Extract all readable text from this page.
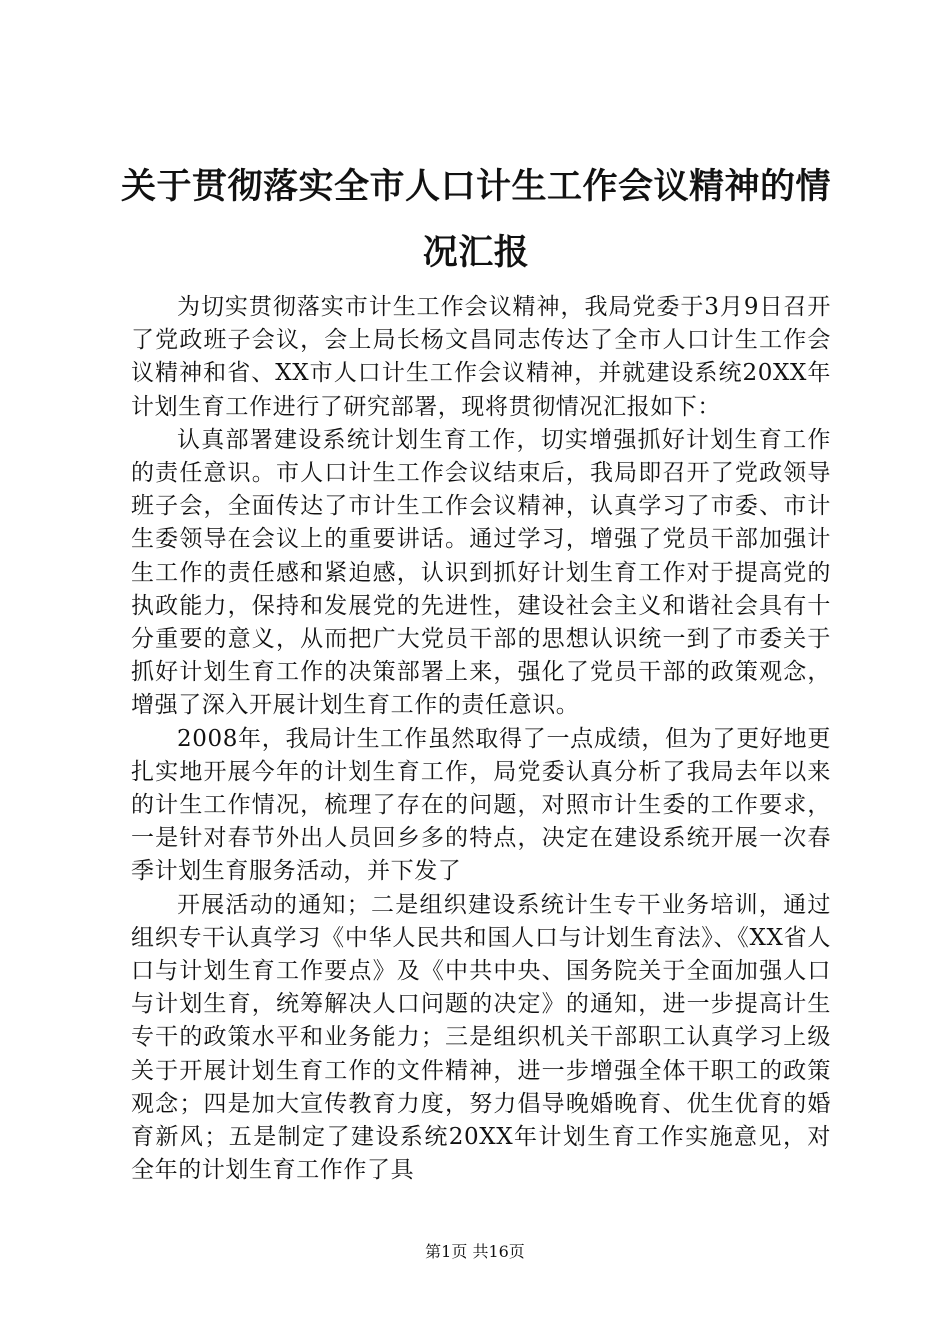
关于贯彻落实全市人口计生工作会议精神的情况汇报

为切实贯彻落实市计生工作会议精神，我局党委于3月9日召开了党政班子会议，会上局长杨文昌同志传达了全市人口计生工作会议精神和省、XX市人口计生工作会议精神，并就建设系统20XX年计划生育工作进行了研究部署，现将贯彻情况汇报如下：

认真部署建设系统计划生育工作，切实增强抓好计划生育工作的责任意识。市人口计生工作会议结束后，我局即召开了党政领导班子会，全面传达了市计生工作会议精神，认真学习了市委、市计生委领导在会议上的重要讲话。通过学习，增强了党员干部加强计生工作的责任感和紧迫感，认识到抓好计划生育工作对于提高党的执政能力，保持和发展党的先进性，建设社会主义和谐社会具有十分重要的意义，从而把广大党员干部的思想认识统一到了市委关于抓好计划生育工作的决策部署上来，强化了党员干部的政策观念，增强了深入开展计划生育工作的责任意识。

2008年，我局计生工作虽然取得了一点成绩，但为了更好地更扎实地开展今年的计划生育工作，局党委认真分析了我局去年以来的计生工作情况，梳理了存在的问题，对照市计生委的工作要求，一是针对春节外出人员回乡多的特点，决定在建设系统开展一次春季计划生育服务活动，并下发了

开展活动的通知；二是组织建设系统计生专干业务培训，通过组织专干认真学习《中华人民共和国人口与计划生育法》、《XX省人口与计划生育工作要点》及《中共中央、国务院关于全面加强人口与计划生育，统筹解决人口问题的决定》的通知，进一步提高计生专干的政策水平和业务能力；三是组织机关干部职工认真学习上级关于开展计划生育工作的文件精神，进一步增强全体干职工的政策观念；四是加大宣传教育力度，努力倡导晚婚晚育、优生优育的婚育新风；五是制定了建设系统20XX年计划生育工作实施意见，对全年的计划生育工作作了具

第1页 共16页
